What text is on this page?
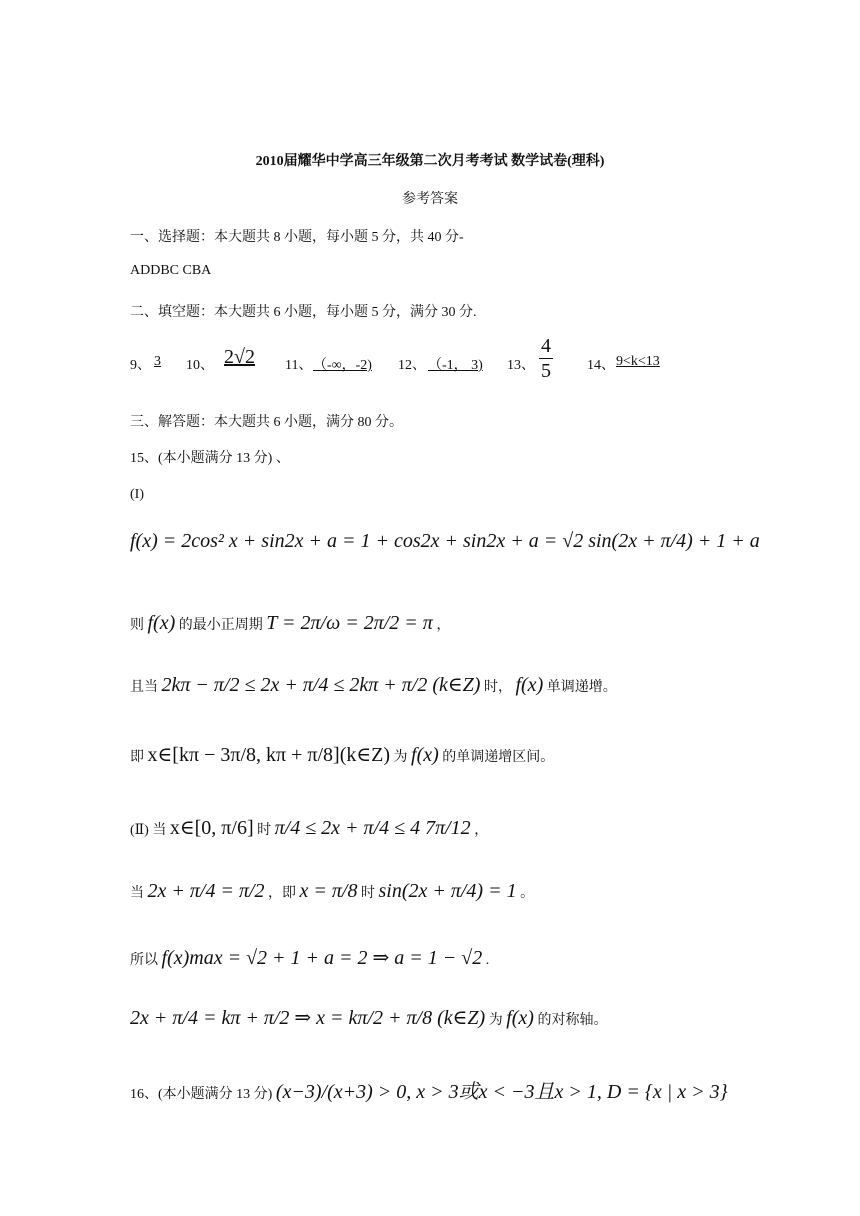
2010届耀华中学高三年级第二次月考考试 数学试卷(理科)
参考答案
一、选择题：本大题共 8 小题，每小题 5 分，共 40 分-
ADDBC CBA
二、填空题：本大题共 6 小题，每小题 5 分，满分 30 分.
9、 3 10、 2√2 11、 （-∞，-2) 12、 （-1， 3) 13、 $\frac{4}{5} 14$、 9<k<13
三、解答题：本大题共 6 小题，满分 80 分。
15、(本小题满分 13 分) 、
(I)
f(x) = 2cos² x + sin2x + a = 1 + cos2x + sin2x + a = √2 sin(2x + π/4) + 1 + a
则 f(x) 的最小正周期 T = 2π/ω = 2π/2 = π ，
且当 2kπ − π/2 ≤ 2x + π/4 ≤ 2kπ + π/2 (k∈Z) 时， f(x) 单调递增。
即 x∈[kπ − 3π/8, kπ + π/8](k∈Z) 为 f(x) 的单调递增区间。
(Ⅱ) 当 x∈[0, π/6] 时 π/4 ≤ 2x + π/4 ≤ 4 7π/12 ，
当 2x + π/4 = π/2 ，即 x = π/8 时 sin(2x + π/4) = 1 。
所以 f(x)max = √2 + 1 + a = 2 ⇒ a = 1 − √2 .
2x + π/4 = kπ + π/2 ⇒ x = kπ/2 + π/8 (k∈Z) 为 f(x) 的对称轴。
16、(本小题满分 13 分) (x−3)/(x+3) > 0, x > 3或x < −3且x > 1, D = {x | x > 3}
